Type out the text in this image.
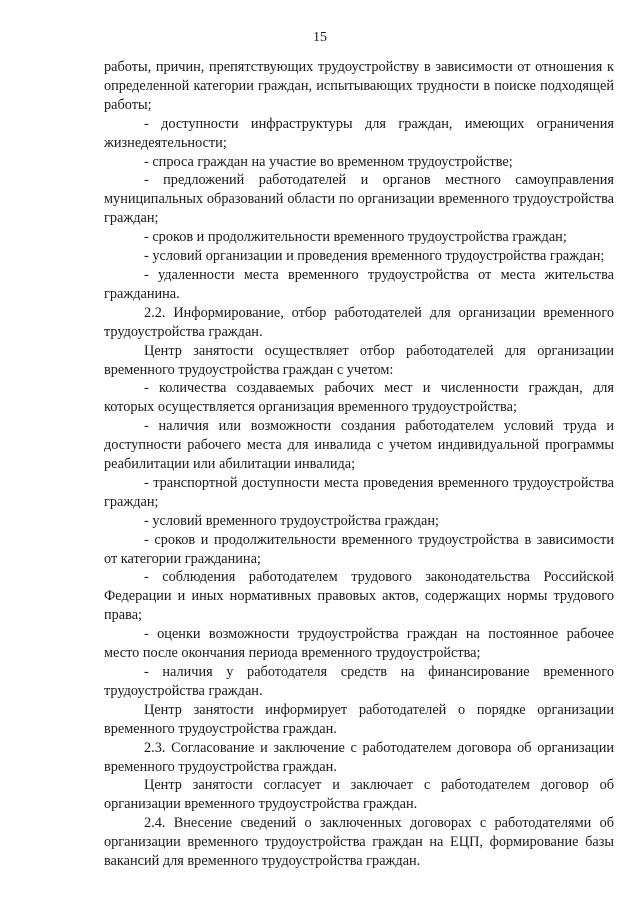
15

работы, причин, препятствующих трудоустройству в зависимости от отношения к определенной категории граждан, испытывающих трудности в поиске подходящей работы;

- доступности инфраструктуры для граждан, имеющих ограничения жизнедеятельности;

- спроса граждан на участие во временном трудоустройстве;

- предложений работодателей и органов местного самоуправления муниципальных образований области по организации временного трудоустройства граждан;

- сроков и продолжительности временного трудоустройства граждан;

- условий организации и проведения временного трудоустройства граждан;

- удаленности места временного трудоустройства от места жительства гражданина.

2.2. Информирование, отбор работодателей для организации временного трудоустройства граждан.

Центр занятости осуществляет отбор работодателей для организации временного трудоустройства граждан с учетом:

- количества создаваемых рабочих мест и численности граждан, для которых осуществляется организация временного трудоустройства;

- наличия или возможности создания работодателем условий труда и доступности рабочего места для инвалида с учетом индивидуальной программы реабилитации или абилитации инвалида;

- транспортной доступности места проведения временного трудоустройства граждан;

- условий временного трудоустройства граждан;

- сроков и продолжительности временного трудоустройства в зависимости от категории гражданина;

- соблюдения работодателем трудового законодательства Российской Федерации и иных нормативных правовых актов, содержащих нормы трудового права;

- оценки возможности трудоустройства граждан на постоянное рабочее место после окончания периода временного трудоустройства;

- наличия у работодателя средств на финансирование временного трудоустройства граждан.

Центр занятости информирует работодателей о порядке организации временного трудоустройства граждан.

2.3. Согласование и заключение с работодателем договора об организации временного трудоустройства граждан.

Центр занятости согласует и заключает с работодателем договор об организации временного трудоустройства граждан.

2.4. Внесение сведений о заключенных договорах с работодателями об организации временного трудоустройства граждан на ЕЦП, формирование базы вакансий для временного трудоустройства граждан.
